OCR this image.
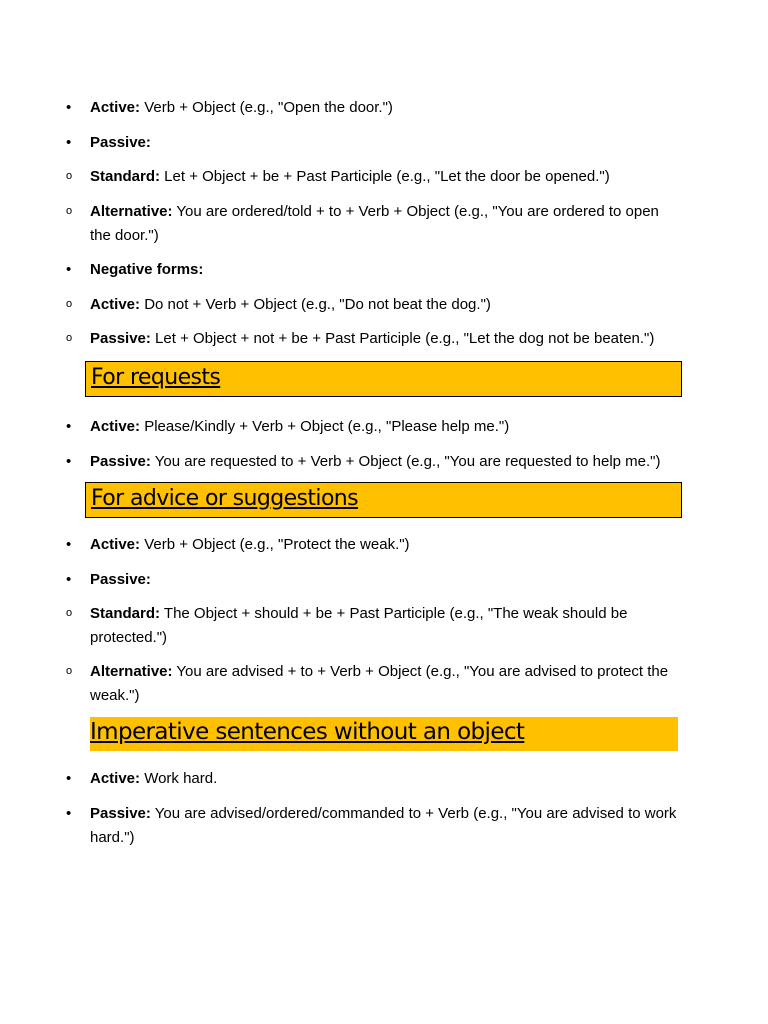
•
Active: Verb + Object (e.g., "Open the door.")
•
Passive:
o
Standard: Let + Object + be + Past Participle (e.g., "Let the door be opened.")
o
Alternative: You are ordered/told + to + Verb + Object (e.g., "You are ordered to open the door.")
•
Negative forms:
o
Active: Do not + Verb + Object (e.g., "Do not beat the dog.")
o
Passive: Let + Object + not + be + Past Participle (e.g., "Let the dog not be beaten.")
For requests
•
Active: Please/Kindly + Verb + Object (e.g., "Please help me.")
•
Passive: You are requested to + Verb + Object (e.g., "You are requested to help me.")
For advice or suggestions
•
Active: Verb + Object (e.g., "Protect the weak.")
•
Passive:
o
Standard: The Object + should + be + Past Participle (e.g., "The weak should be protected.")
o
Alternative: You are advised + to + Verb + Object (e.g., "You are advised to protect the weak.")
Imperative sentences without an object
•
Active: Work hard.
•
Passive: You are advised/ordered/commanded to + Verb (e.g., "You are advised to work hard.")
